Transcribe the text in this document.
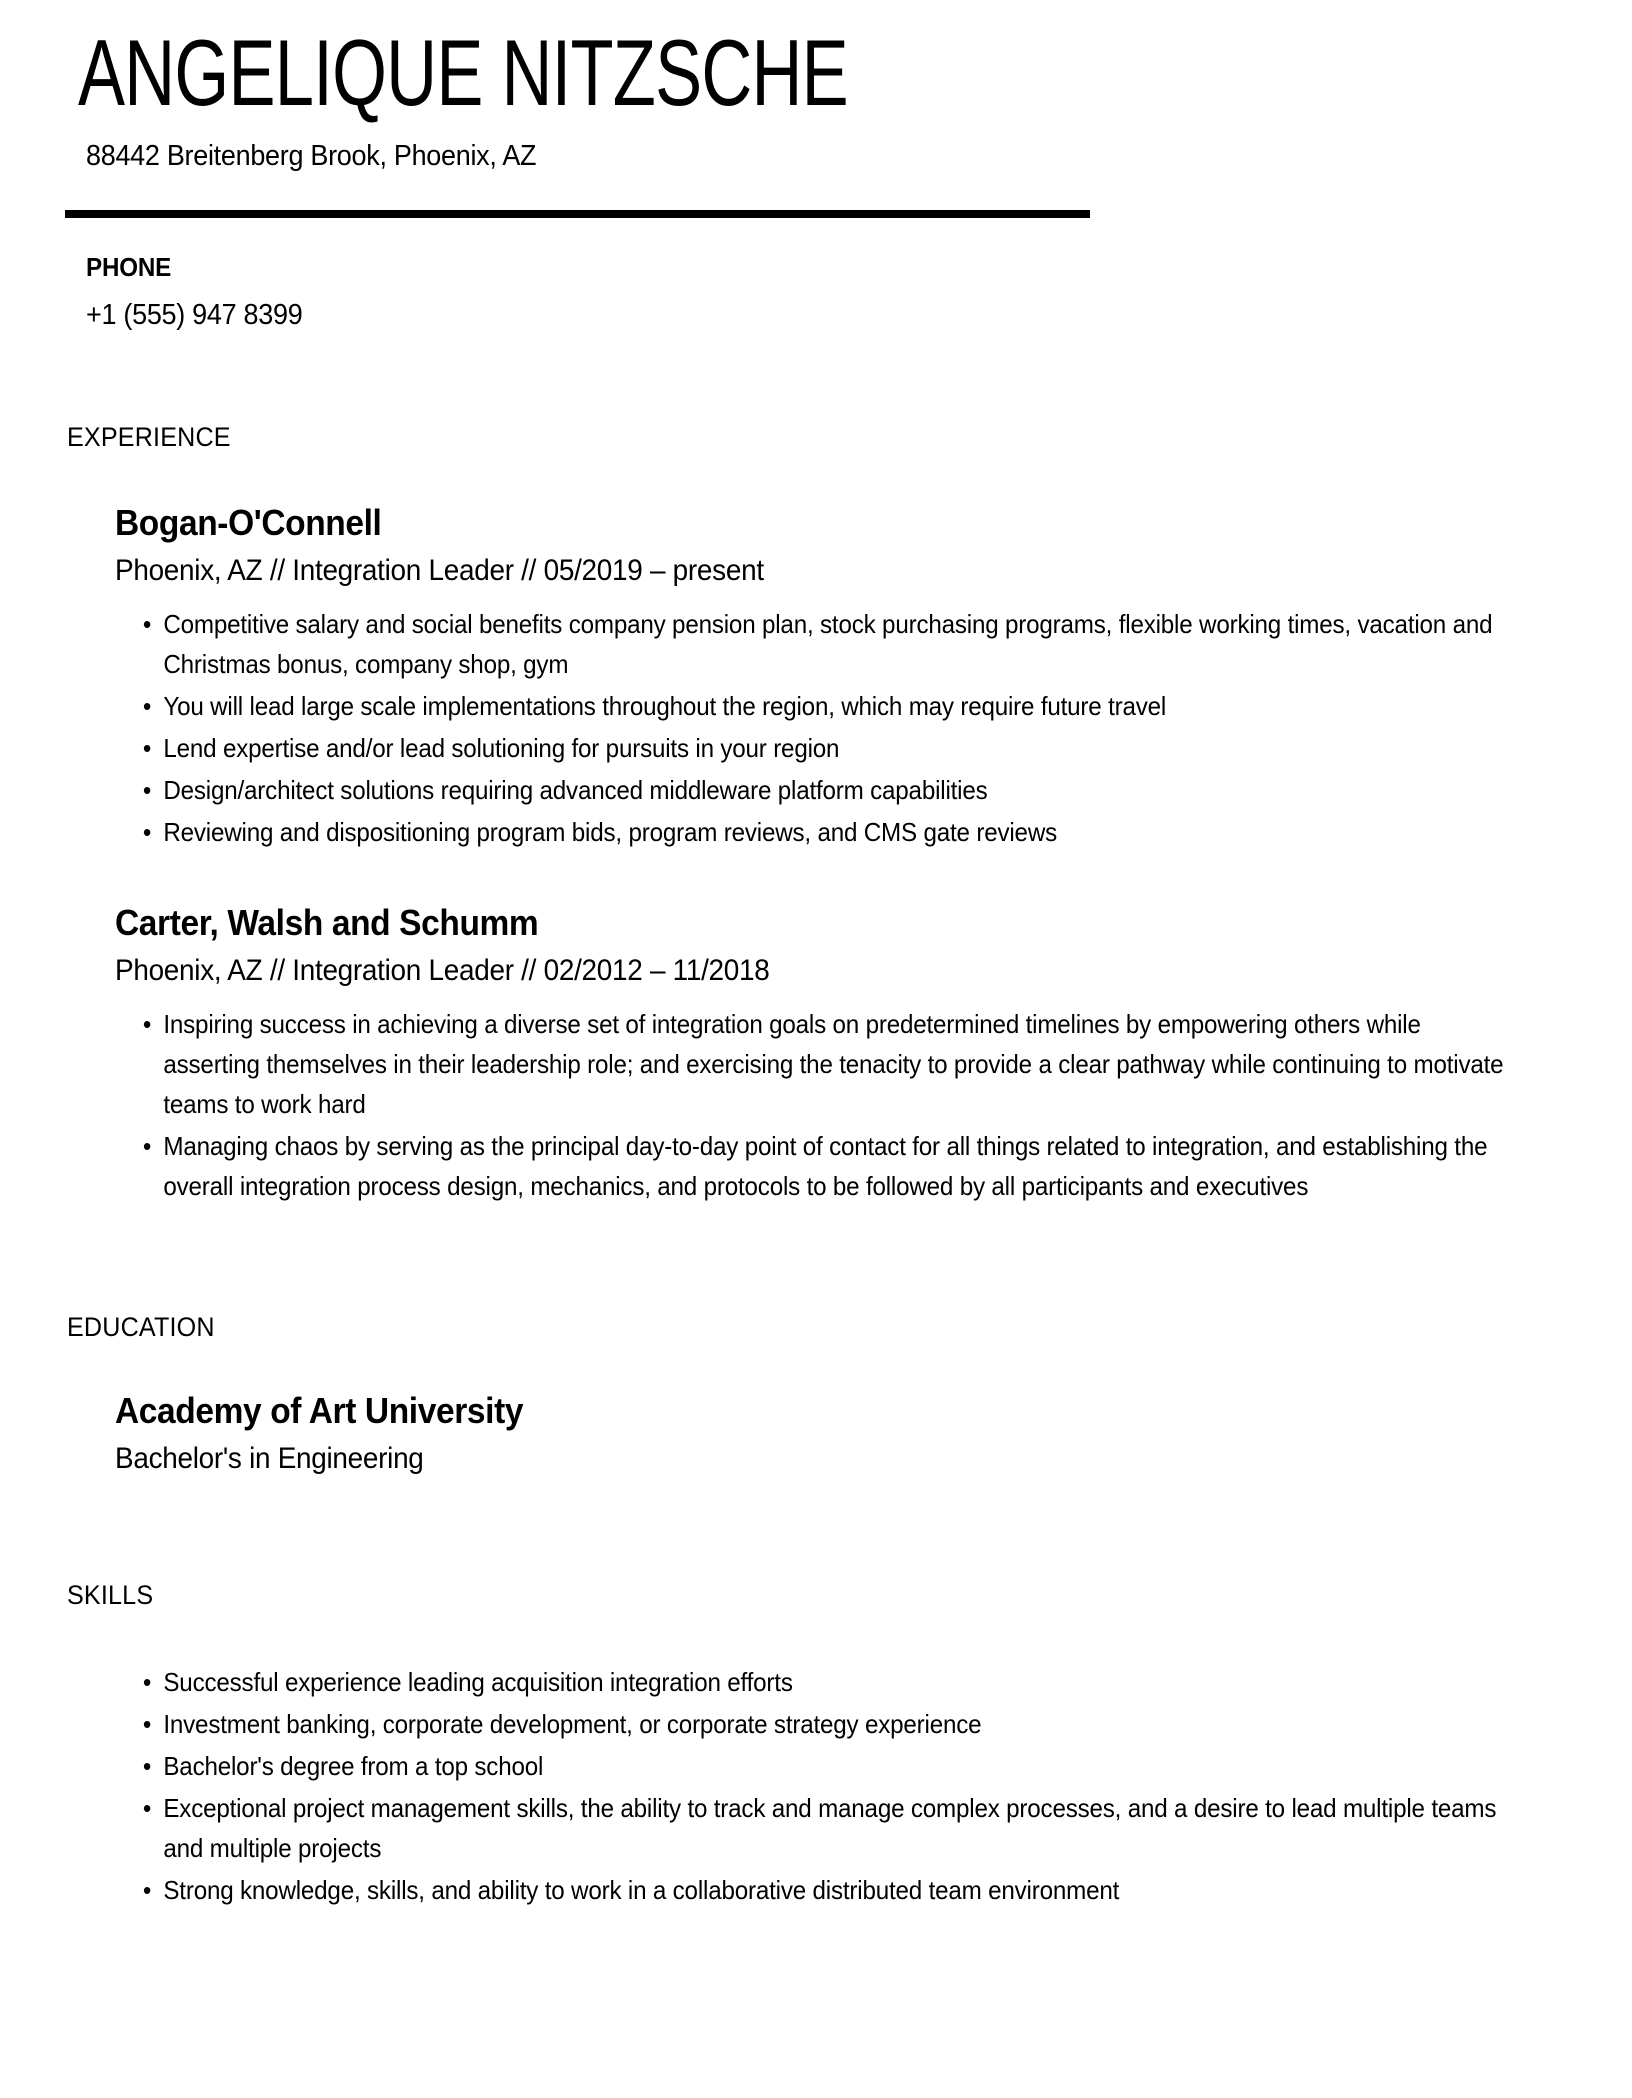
ANGELIQUE NITZSCHE
88442 Breitenberg Brook, Phoenix, AZ
PHONE
+1 (555) 947 8399
EXPERIENCE
Bogan-O'Connell
Phoenix, AZ // Integration Leader // 05/2019 – present
• Competitive salary and social benefits company pension plan, stock purchasing programs, flexible working times, vacation and Christmas bonus, company shop, gym
• You will lead large scale implementations throughout the region, which may require future travel
• Lend expertise and/or lead solutioning for pursuits in your region
• Design/architect solutions requiring advanced middleware platform capabilities
• Reviewing and dispositioning program bids, program reviews, and CMS gate reviews
Carter, Walsh and Schumm
Phoenix, AZ // Integration Leader // 02/2012 – 11/2018
• Inspiring success in achieving a diverse set of integration goals on predetermined timelines by empowering others while asserting themselves in their leadership role; and exercising the tenacity to provide a clear pathway while continuing to motivate teams to work hard
• Managing chaos by serving as the principal day-to-day point of contact for all things related to integration, and establishing the overall integration process design, mechanics, and protocols to be followed by all participants and executives
EDUCATION
Academy of Art University
Bachelor's in Engineering
SKILLS
• Successful experience leading acquisition integration efforts
• Investment banking, corporate development, or corporate strategy experience
• Bachelor's degree from a top school
• Exceptional project management skills, the ability to track and manage complex processes, and a desire to lead multiple teams and multiple projects
• Strong knowledge, skills, and ability to work in a collaborative distributed team environment
